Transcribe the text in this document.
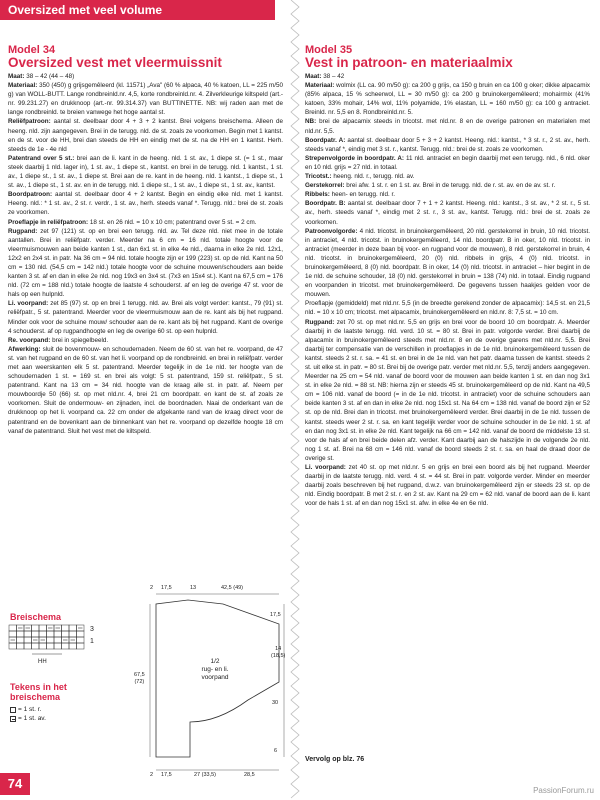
Oversized met veel volume
Model 34
Oversized vest met vleermuissnit

Maat: 38 – 42 (44 – 48)

Materiaal: 350 (450) g grijsgemêleerd (kl. 11571) „Ava" (60 % alpaca, 40 % katoen, LL = 225 m/50 g) van WOLL-BUTT. Lange rondbreinld.nr. 4,5, korte rondbreinld.nr. 4. Zilverkleurige kiltspeld (art.-nr. 99.231.27) en drukknoop (art.-nr. 99.314.37) van BUTTINETTE. NB: wij raden aan met de lange rondbreinld. te breien vanwege het hoge aantal st.

Reliëfpatroon: aantal st. deelbaar door 4 + 3 + 2 kantst. Brei volgens breischema. Alleen de heeng. nld. zijn aangegeven. Brei in de terugg. nld. de st. zoals ze voorkomen. Begin met 1 kantst. en de st. voor de HH, brei dan steeds de HH en eindig met de st. na de HH en 1 kantst. Herh. steeds de 1e - 4e nld

Patentrand over 5 st.: brei aan de li. kant in de heeng. nld. 1 st. av., 1 diepe st. (= 1 st., maar steek daarbij 1 nld. lager in), 1 st. av., 1 diepe st., kantst. en brei in de terugg. nld. 1 kantst., 1 st. av., 1 diepe st., 1 st. av., 1 diepe st. Brei aan de re. kant in de heeng. nld. 1 kantst., 1 diepe st., 1 st. av., 1 diepe st., 1 st. av. en in de terugg. nld. 1 diepe st., 1 st. av., 1 diepe st., 1 st. av., kantst.

Boordpatroon: aantal st. deelbaar door 4 + 2 kantst. Begin en eindig elke nld. met 1 kantst. Heeng. nld.: * 1 st. av., 2 st. r. verdr., 1 st. av., herh. steeds vanaf *. Terugg. nld.: brei de st. zoals ze voorkomen.

Proeflapje in reliëfpatroon: 18 st. en 26 nld. = 10 x 10 cm; patentrand over 5 st. = 2 cm.

Rugpand: zet 97 (121) st. op en brei een terugg. nld. av. Tel deze nld. niet mee in de totale aantallen. Brei in reliëfpatr. verder. Meerder na 6 cm = 16 nld. totale hoogte voor de vleermuismouwen aan beide kanten 1 st., dan 6x1 st. in elke 4e nld., daarna in elke 2e nld. 12x1, 12x2 en 2x4 st. in patr. Na 36 cm = 94 nld. totale hoogte zijn er 199 (223) st. op de nld. Kant na 50 cm = 130 nld. (54,5 cm = 142 nld.) totale hoogte voor de schuine mouwen/schouders aan beide kanten 3 st. af en dan in elke 2e nld. nog 19x3 en 3x4 st. (7x3 en 15x4 st.). Kant na 67,5 cm = 176 nld. (72 cm = 188 nld.) totale hoogte de laatste 4 schouderst. af en leg de overige 47 st. voor de hals op een hulpnld.

Li. voorpand: zet 85 (97) st. op en brei 1 terugg. nld. av. Brei als volgt verder: kantst., 79 (91) st. reliëfpatr., 5 st. patentrand. Meerder voor de vleermuismouw aan de re. kant als bij het rugpand. Minder ook voor de schuine mouw/ schouder aan de re. kant als bij het rugpand. Kant de overige 4 schouderst. af op rugpandhoogte en leg de overige 60 st. op een hulpnld.

Re. voorpand: brei in spiegelbeeld.

Afwerking: sluit de bovenmouw- en schoudernaden. Neem de 60 st. van het re. voorpand, de 47 st. van het rugpand en de 60 st. van het li. voorpand op de rondbreinld. en brei in reliëfpatr. verder met aan weerskanten elk 5 st. patentrand. Meerder tegelijk in de 1e nld. ter hoogte van de schoudernaden 1 st. = 169 st. en brei als volgt: 5 st. patentrand, 159 st. reliëfpatr., 5 st. patentrand. Kant na 13 cm = 34 nld. hoogte van de kraag alle st. in patr. af. Neem per mouwboordje 50 (66) st. op met nld.nr. 4, brei 21 cm boordpatr. en kant de st. af zoals ze voorkomen. Sluit de ondermouw- en zijnaden, incl. de boordnaden. Naai de onderkant van de drukknoop op het li. voorpand ca. 22 cm onder de afgekante rand van de kraag direct voor de patentrand en de bovenkant aan de binnenkant van het re. voorpand op dezelfde hoogte 18 cm vanaf de patentrand. Sluit het vest met de kiltspeld.

Model 35
Vest in patroon- en materiaalmix

Maat: 38 – 42

Materiaal: wolmix (LL ca. 90 m/50 g): ca 200 g grijs, ca 150 g bruin en ca 100 g oker; dikke alpacamix (85% alpaca, 15 % scheerwol, LL = 30 m/50 g): ca 200 g bruinokergemêleerd; mohairmix (41% katoen, 33% mohair, 14% wol, 11% polyamide, 1% elastan, LL = 160 m/50 g): ca 100 g antraciet. Breinld. nr. 5,5 en 8. Rondbreinld.nr. 5.

NB: brei de alpacamix steeds in tricotst. met nld.nr. 8 en de overige patronen en materialen met nld.nr. 5,5.

Boordpatr. A: aantal st. deelbaar door 5 + 3 + 2 kantst. Heeng. nld.: kantst., * 3 st. r., 2 st. av., herh. steeds vanaf *, eindig met 3 st. r., kantst. Terugg. nld.: brei de st. zoals ze voorkomen.

Strepenvolgorde in boordpatr. A: 11 nld. antraciet en begin daarbij met een terugg. nld., 6 nld. oker en 10 nld. grijs = 27 nld. in totaal.

Tricotst.: heeng. nld. r., terugg. nld. av.

Gerstekorrel: brei afw. 1 st. r. en 1 st. av. Brei in de terugg. nld. de r. st. av. en de av. st. r.

Ribbels: heen- en terugg. nld. r.

Boordpatr. B: aantal st. deelbaar door 7 + 1 + 2 kantst. Heeng. nld.: kantst., 3 st. av., * 2 st. r., 5 st. av., herh. steeds vanaf *, eindig met 2 st. r., 3 st. av., kantst. Terugg. nld.: brei de st. zoals ze voorkomen.

Patroonvolgorde: 4 nld. tricotst. in bruinokergemêleerd, 20 nld. gerstekorrel in bruin, 10 nld. tricotst. in antraciet, 4 nld. tricotst. in bruinokergemêleerd, 14 nld. boordpatr. B in oker, 10 nld. tricotst. in antraciet (meerder in deze baan bij voor- en rugpand voor de mouwen), 8 nld. gerstekorrel in bruin, 4 nld. tricotst. in bruinokergemêleerd, 20 (0) nld. ribbels in grijs, 4 (0) nld. tricotst. in bruinokergemêleerd, 8 (0) nld. boordpatr. B in oker, 14 (0) nld. tricotst. in antraciet – hier begint in de 1e nld. de schuine schouder, 18 (0) nld. gerstekorrel in bruin = 138 (74) nld. in totaal. Eindig rugpand en voorpanden in tricotst. met bruinokergemêleerd. De gegevens tussen haakjes gelden voor de mouwen.

Proeflapje (gemiddeld) met nld.nr. 5,5 (in de breedte gerekend zonder de alpacamix): 14,5 st. en 21,5 nld. = 10 x 10 cm; tricotst. met alpacamix, bruinokergemêleerd en nld.nr. 8: 7,5 st. = 10 cm.

Rugpand: zet 70 st. op met nld.nr. 5,5 en grijs en brei voor de boord 10 cm boordpatr. A. Meerder daarbij in de laatste terugg. nld. verd. 10 st. = 80 st. Brei in patr. volgorde verder. Brei daarbij de alpacamix in bruinokergemêleerd steeds met nld.nr. 8 en de overige garens met nld.nr. 5,5. Brei daarbij ter compensatie van de verschillen in proeflapjes in de 1e nld. bruinokergemêleerd tussen de kantst. steeds 2 st. r. sa. = 41 st. en brei in de 1e nld. van het patr. daarna tussen de kantst. steeds 2 st. uit elke st. in patr. = 80 st. Brei bij de overige patr. verder met nld.nr. 5,5, tenzij anders aangegeven. Meerder na 25 cm = 54 nld. vanaf de boord voor de mouwen aan beide kanten 1 st. en dan nog 3x1 st. in elke 2e nld. = 88 st. NB: hierna zijn er steeds 45 st. bruinokergemêleerd op de nld. Kant na 49,5 cm = 106 nld. vanaf de boord (= in de 1e nld. tricotst. in antraciet) voor de schuine schouders aan beide kanten 3 st. af en dan in elke 2e nld. nog 15x1 st. Na 64 cm = 138 nld. vanaf de boord zijn er 52 st. op de nld. Brei dan in tricotst. met bruinokergemêleerd verder. Brei daarbij in de 1e nld. tussen de kantst. steeds weer 2 st. r. sa. en kant tegelijk verder voor de schuine schouder in de 1e nld. 1 st. af en dan nog 3x1 st. in elke 2e nld. Kant tegelijk na 66 cm = 142 nld. vanaf de boord de middelste 13 st. voor de hals af en brei beide delen afz. verder. Kant daarbij aan de halszijde in de volgende 2e nld. nog 1 st. af. Brei na 68 cm = 146 nld. vanaf de boord steeds 2 st. r. sa. en haal de draad door de overige st.

Li. voorpand: zet 40 st. op met nld.nr. 5 en grijs en brei een boord als bij het rugpand. Meerder daarbij in de laatste terugg. nld. verd. 4 st. = 44 st. Brei in patr. volgorde verder. Minder en meerder daarbij zoals beschreven bij het rugpand, d.w.z. van bruinokergemêleerd zijn er steeds 23 st. op de nld. Eindig boordpatr. B met 2 st. r. en 2 st. av. Kant na 29 cm = 62 nld. vanaf de boord aan de li. kant voor de hals 1 st. af en dan nog 15x1 st. afw. in elke 4e en 6e nld.

Breischema
3
1
HH
Tekens in het breischema
= 1 st. r.
= 1 st. av.
1/2
rug- en li.
voorpand
2 17,5	13	42,5 (49)
17,5
14
(18,5)
30
6
67,5
(72)
2 17,5	27 (33,5)	28,5
74
Vervolg op blz. 76
PassionForum.ru
